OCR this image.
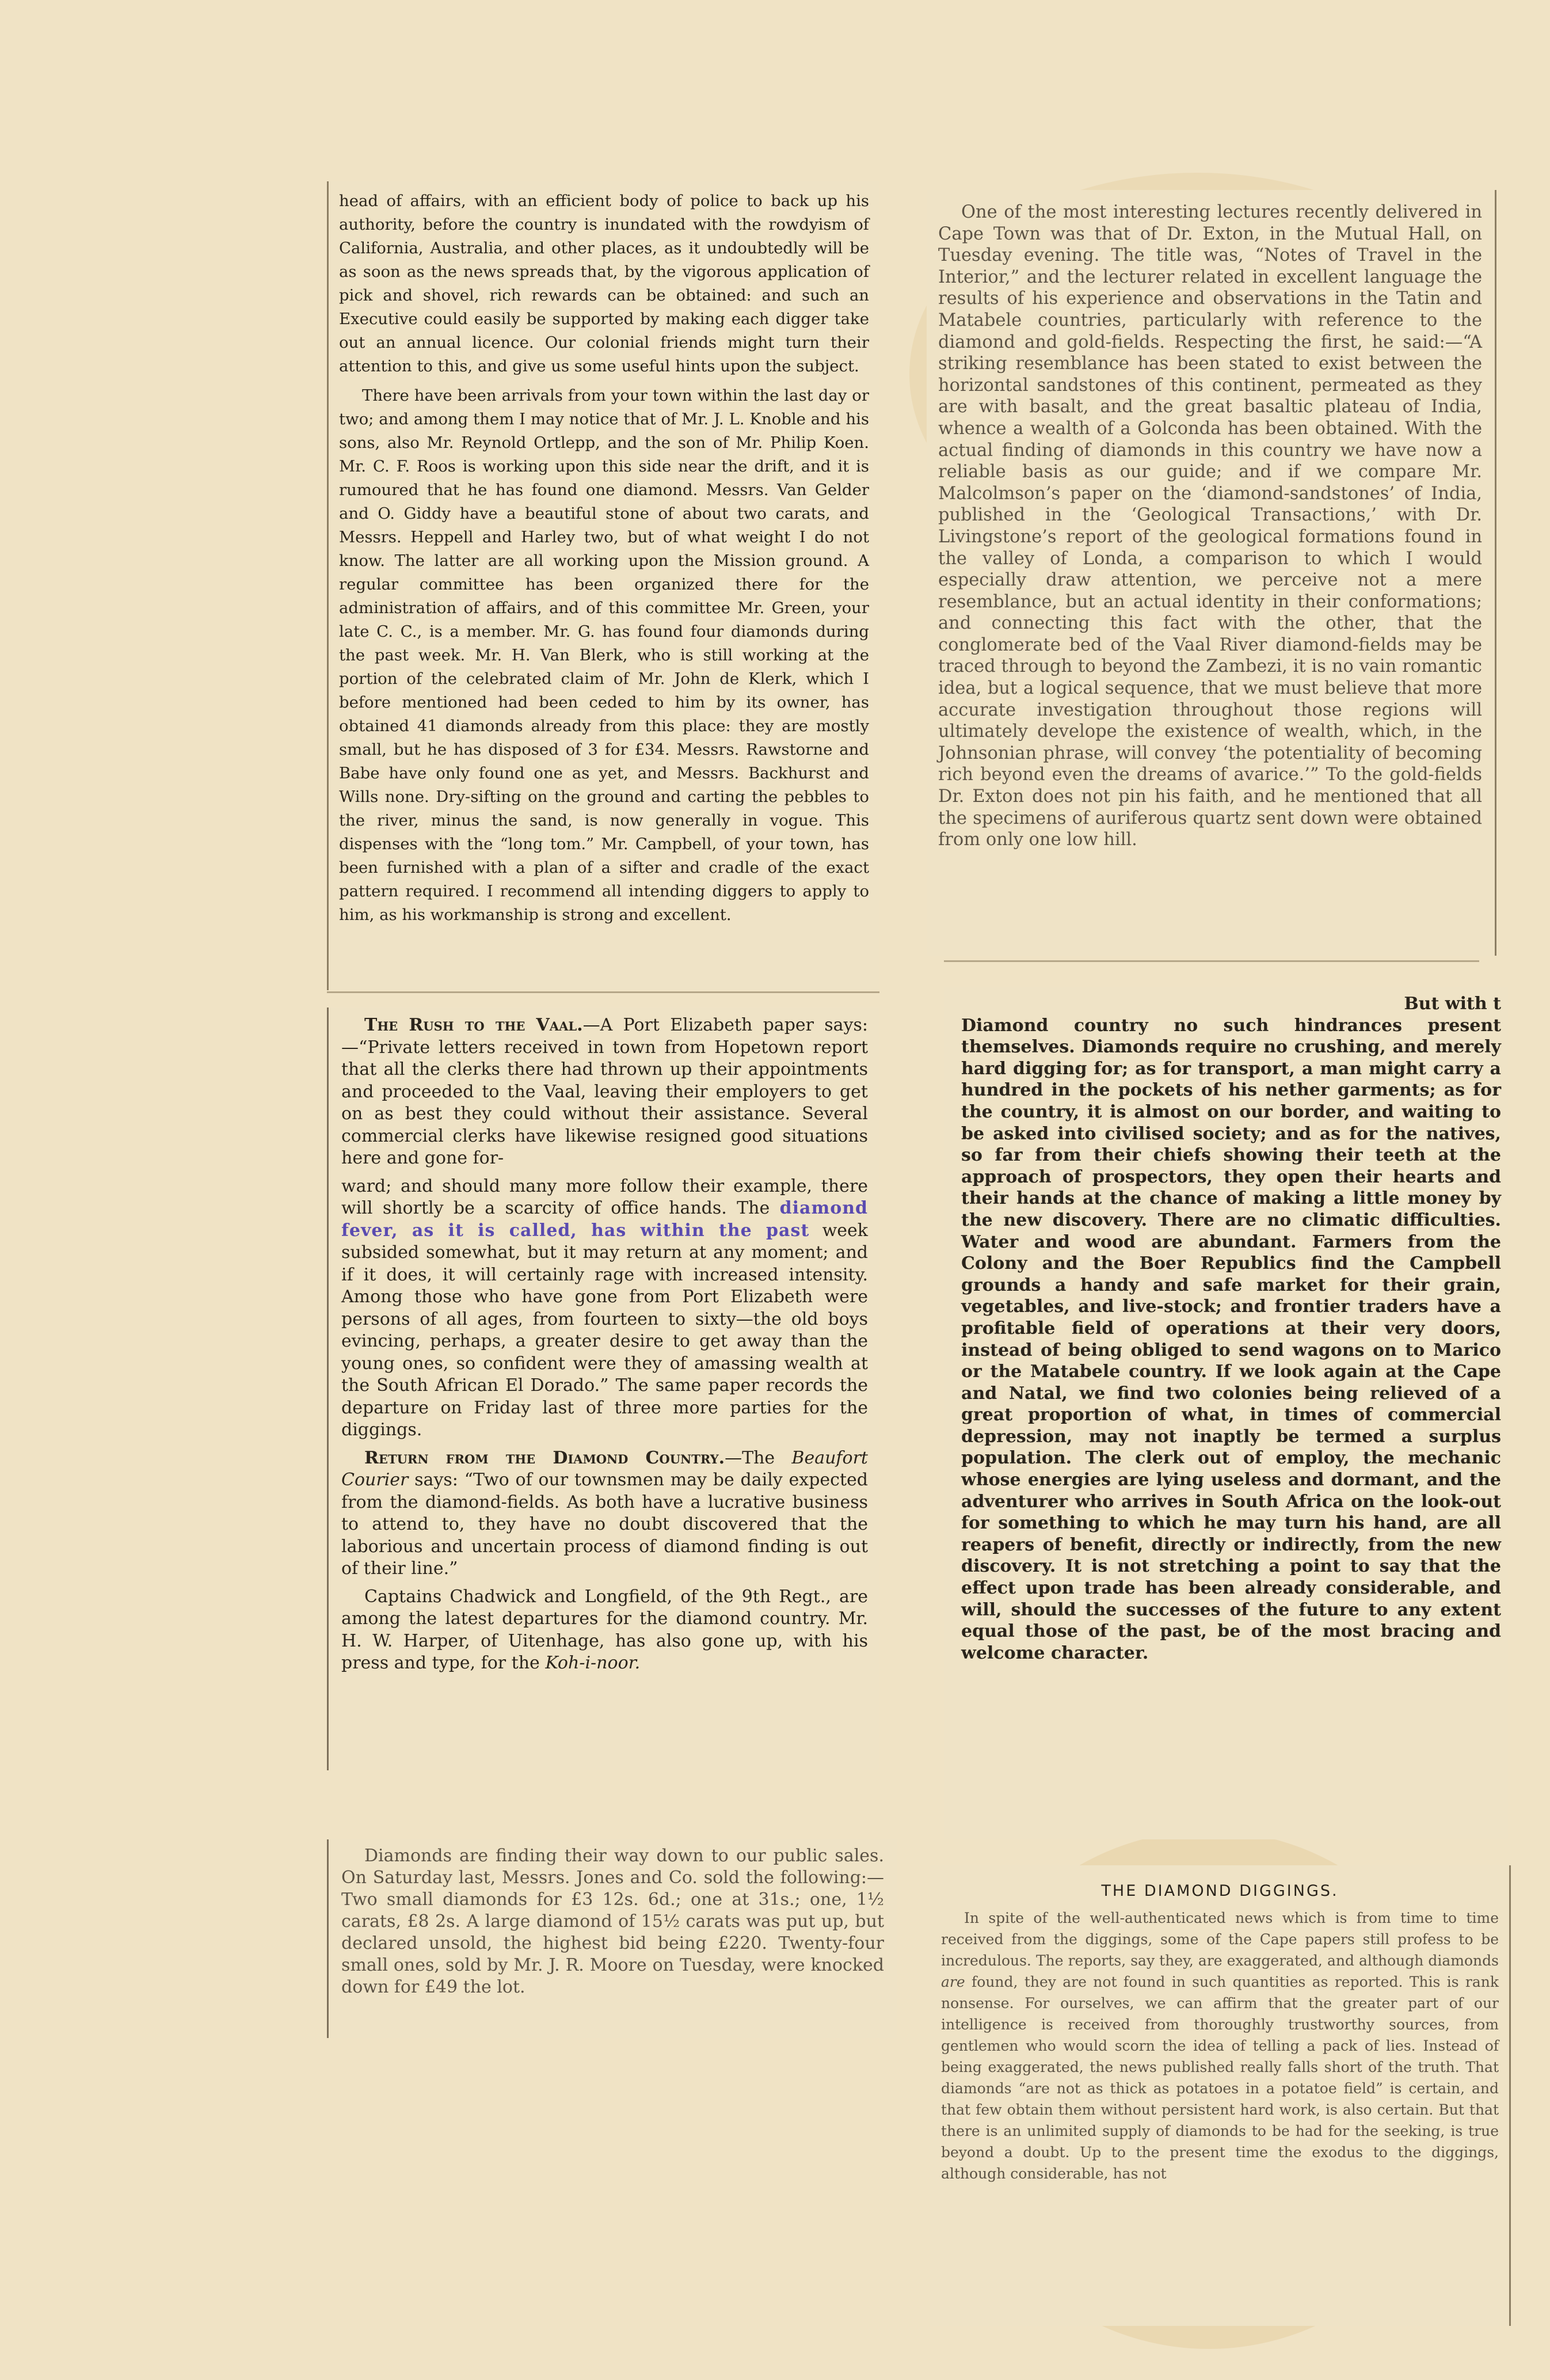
head of affairs, with an efficient body of police to back up his authority, before the country is inundated with the rowdyism of California, Australia, and other places, as it undoubtedly will be as soon as the news spreads that, by the vigorous application of pick and shovel, rich rewards can be obtained: and such an Executive could easily be supported by making each digger take out an annual licence. Our colonial friends might turn their attention to this, and give us some useful hints upon the subject.

There have been arrivals from your town within the last day or two; and among them I may notice that of Mr. J. L. Knoble and his sons, also Mr. Reynold Ortlepp, and the son of Mr. Philip Koen. Mr. C. F. Roos is working upon this side near the drift, and it is rumoured that he has found one diamond. Messrs. Van Gelder and O. Giddy have a beautiful stone of about two carats, and Messrs. Heppell and Harley two, but of what weight I do not know. The latter are all working upon the Mission ground. A regular committee has been organized there for the administration of affairs, and of this committee Mr. Green, your late C. C., is a member. Mr. G. has found four diamonds during the past week. Mr. H. Van Blerk, who is still working at the portion of the celebrated claim of Mr. John de Klerk, which I before mentioned had been ceded to him by its owner, has obtained 41 diamonds already from this place: they are mostly small, but he has disposed of 3 for £34. Messrs. Rawstorne and Babe have only found one as yet, and Messrs. Backhurst and Wills none. Dry-sifting on the ground and carting the pebbles to the river, minus the sand, is now generally in vogue. This dispenses with the “long tom.” Mr. Campbell, of your town, has been furnished with a plan of a sifter and cradle of the exact pattern required. I recommend all intending diggers to apply to him, as his workmanship is strong and excellent.

The Rush to the Vaal.—A Port Elizabeth paper says:—“Private letters received in town from Hopetown report that all the clerks there had thrown up their appointments and proceeded to the Vaal, leaving their employers to get on as best they could without their assistance. Several commercial clerks have likewise resigned good situations here and gone for-

ward; and should many more follow their example, there will shortly be a scarcity of office hands. The diamond fever, as it is called, has within the past week subsided somewhat, but it may return at any moment; and if it does, it will certainly rage with increased intensity. Among those who have gone from Port Elizabeth were persons of all ages, from fourteen to sixty—the old boys evincing, perhaps, a greater desire to get away than the young ones, so confident were they of amassing wealth at the South African El Dorado.” The same paper records the departure on Friday last of three more parties for the diggings.

Return from the Diamond Country.—The Beaufort Courier says: “Two of our townsmen may be daily expected from the diamond-fields. As both have a lucrative business to attend to, they have no doubt discovered that the laborious and uncertain process of diamond finding is out of their line.”

Captains Chadwick and Longfield, of the 9th Regt., are among the latest departures for the diamond country. Mr. H. W. Harper, of Uitenhage, has also gone up, with his press and type, for the Koh-i-noor.

Diamonds are finding their way down to our public sales. On Saturday last, Messrs. Jones and Co. sold the following:—Two small diamonds for £3 12s. 6d.; one at 31s.; one, 1½ carats, £8 2s. A large diamond of 15½ carats was put up, but declared unsold, the highest bid being £220. Twenty-four small ones, sold by Mr. J. R. Moore on Tuesday, were knocked down for £49 the lot.

One of the most interesting lectures recently delivered in Cape Town was that of Dr. Exton, in the Mutual Hall, on Tuesday evening. The title was, “Notes of Travel in the Interior,” and the lecturer related in excellent language the results of his experience and observations in the Tatin and Matabele countries, particularly with reference to the diamond and gold-fields. Respecting the first, he said:—“A striking resemblance has been stated to exist between the horizontal sandstones of this continent, permeated as they are with basalt, and the great basaltic plateau of India, whence a wealth of a Golconda has been obtained. With the actual finding of diamonds in this country we have now a reliable basis as our guide; and if we compare Mr. Malcolmson’s paper on the ‘diamond-sandstones’ of India, published in the ‘Geological Transactions,’ with Dr. Livingstone’s report of the geological formations found in the valley of Londa, a comparison to which I would especially draw attention, we perceive not a mere resemblance, but an actual identity in their conformations; and connecting this fact with the other, that the conglomerate bed of the Vaal River diamond-fields may be traced through to beyond the Zambezi, it is no vain romantic idea, but a logical sequence, that we must believe that more accurate investigation throughout those regions will ultimately develope the existence of wealth, which, in the Johnsonian phrase, will convey ‘the potentiality of becoming rich beyond even the dreams of avarice.’” To the gold-fields Dr. Exton does not pin his faith, and he mentioned that all the specimens of auriferous quartz sent down were obtained from only one low hill.

But with t

Diamond country no such hindrances present themselves. Diamonds require no crushing, and merely hard digging for; as for transport, a man might carry a hundred in the pockets of his nether garments; as for the country, it is almost on our border, and waiting to be asked into civilised society; and as for the natives, so far from their chiefs showing their teeth at the approach of prospectors, they open their hearts and their hands at the chance of making a little money by the new discovery. There are no climatic difficulties. Water and wood are abundant. Farmers from the Colony and the Boer Republics find the Campbell grounds a handy and safe market for their grain, vegetables, and live-stock; and frontier traders have a profitable field of operations at their very doors, instead of being obliged to send wagons on to Marico or the Matabele country. If we look again at the Cape and Natal, we find two colonies being relieved of a great proportion of what, in times of commercial depression, may not inaptly be termed a surplus population. The clerk out of employ, the mechanic whose energies are lying useless and dormant, and the adventurer who arrives in South Africa on the look-out for something to which he may turn his hand, are all reapers of benefit, directly or indirectly, from the new discovery. It is not stretching a point to say that the effect upon trade has been already considerable, and will, should the successes of the future to any extent equal those of the past, be of the most bracing and welcome character.

THE DIAMOND DIGGINGS.

In spite of the well-authenticated news which is from time to time received from the diggings, some of the Cape papers still profess to be incredulous. The reports, say they, are exaggerated, and although diamonds are found, they are not found in such quantities as reported. This is rank nonsense. For ourselves, we can affirm that the greater part of our intelligence is received from thoroughly trustworthy sources, from gentlemen who would scorn the idea of telling a pack of lies. Instead of being exaggerated, the news published really falls short of the truth. That diamonds “are not as thick as potatoes in a potatoe field” is certain, and that few obtain them without persistent hard work, is also certain. But that there is an unlimited supply of diamonds to be had for the seeking, is true beyond a doubt. Up to the present time the exodus to the diggings, although considerable, has not
